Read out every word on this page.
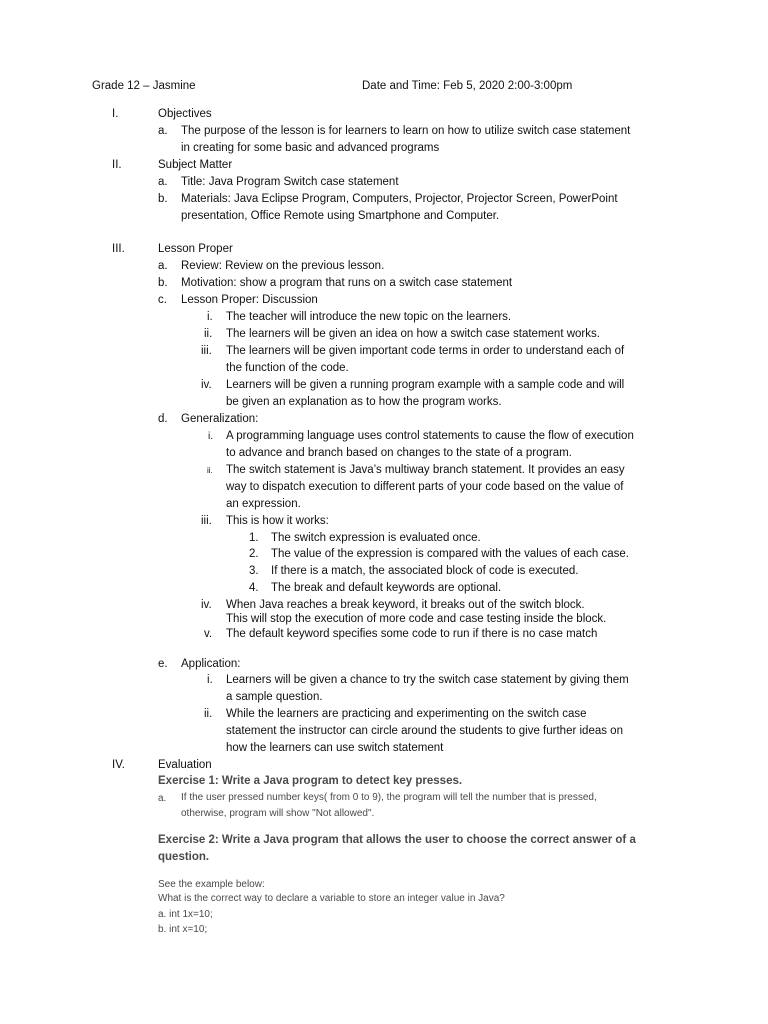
Grade 12 – Jasmine	Date and Time: Feb 5, 2020 2:00-3:00pm
I.	Objectives
a. The purpose of the lesson is for learners to learn on how to utilize switch case statement
in creating for some basic and advanced programs
II.	Subject Matter
a. Title: Java Program Switch case statement
b. Materials: Java Eclipse Program, Computers, Projector, Projector Screen, PowerPoint
presentation, Office Remote using Smartphone and Computer.
III.	Lesson Proper
a. Review: Review on the previous lesson.
b. Motivation: show a program that runs on a switch case statement
c. Lesson Proper: Discussion
i. The teacher will introduce the new topic on the learners.
ii. The learners will be given an idea on how a switch case statement works.
iii. The learners will be given important code terms in order to understand each of
the function of the code.
iv. Learners will be given a running program example with a sample code and will
be given an explanation as to how the program works.
d. Generalization:
i. A programming language uses control statements to cause the flow of execution
to advance and branch based on changes to the state of a program.
ii. The switch statement is Java’s multiway branch statement. It provides an easy
way to dispatch execution to different parts of your code based on the value of
an expression.
iii. This is how it works:
1. The switch expression is evaluated once.
2. The value of the expression is compared with the values of each case.
3. If there is a match, the associated block of code is executed.
4. The break and default keywords are optional.
iv. When Java reaches a break keyword, it breaks out of the switch block.
This will stop the execution of more code and case testing inside the block.
v. The default keyword specifies some code to run if there is no case match
e. Application:
i. Learners will be given a chance to try the switch case statement by giving them
a sample question.
ii. While the learners are practicing and experimenting on the switch case
statement the instructor can circle around the students to give further ideas on
how the learners can use switch statement
IV.	Evaluation
Exercise 1: Write a Java program to detect key presses.
a. If the user pressed number keys( from 0 to 9), the program will tell the number that is pressed,
otherwise, program will show "Not allowed".
Exercise 2: Write a Java program that allows the user to choose the correct answer of a
question.
See the example below:
What is the correct way to declare a variable to store an integer value in Java?
a. int 1x=10;
b. int x=10;
